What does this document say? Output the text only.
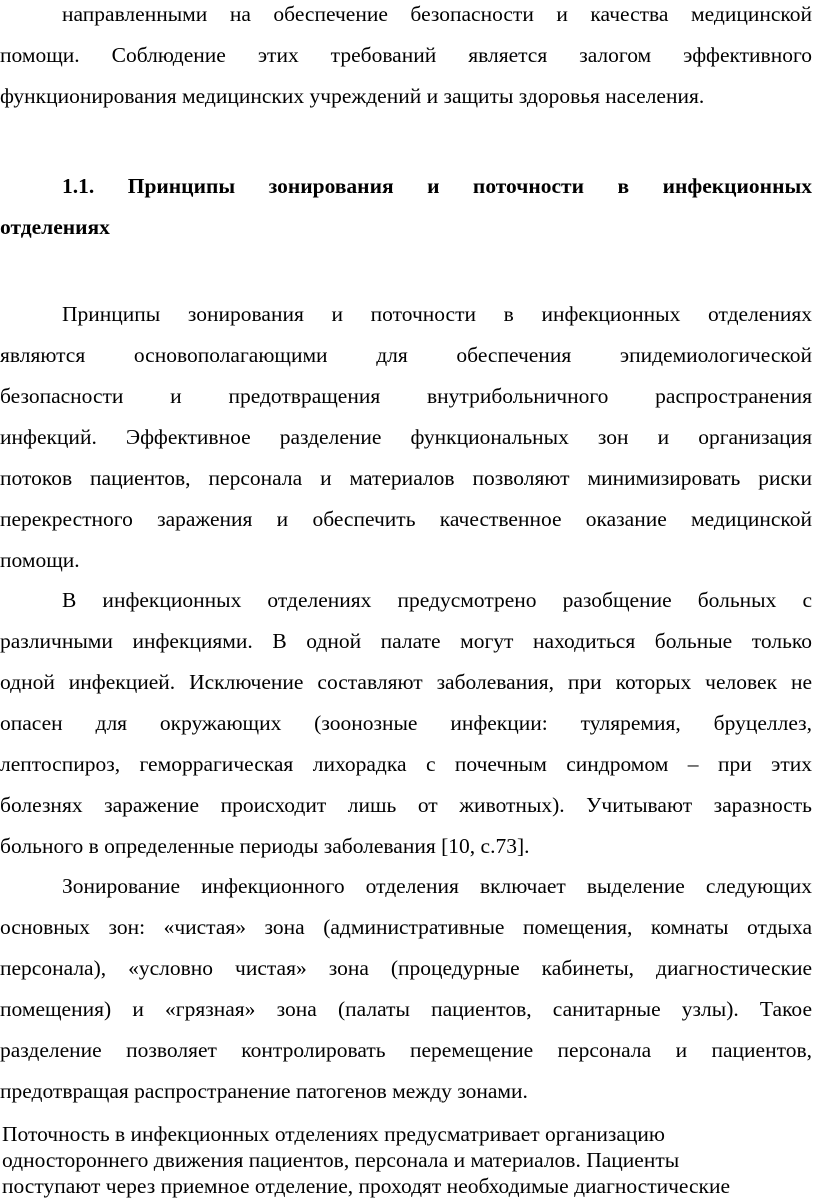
направленными на обеспечение безопасности и качества медицинской
помощи. Соблюдение этих требований является залогом эффективного
функционирования медицинских учреждений и защиты здоровья населения.
1.1. Принципы зонирования и поточности в инфекционных
отделениях
Принципы зонирования и поточности в инфекционных отделениях
являются основополагающими для обеспечения эпидемиологической
безопасности и предотвращения внутрибольничного распространения
инфекций. Эффективное разделение функциональных зон и организация
потоков пациентов, персонала и материалов позволяют минимизировать риски
перекрестного заражения и обеспечить качественное оказание медицинской
помощи.
В инфекционных отделениях предусмотрено разобщение больных с
различными инфекциями. В одной палате могут находиться больные только
одной инфекцией. Исключение составляют заболевания, при которых человек не
опасен для окружающих (зоонозные инфекции: туляремия, бруцеллез,
лептоспироз, геморрагическая лихорадка с почечным синдромом – при этих
болезнях заражение происходит лишь от животных). Учитывают заразность
больного в определенные периоды заболевания [10, с.73].
Зонирование инфекционного отделения включает выделение следующих
основных зон: «чистая» зона (административные помещения, комнаты отдыха
персонала), «условно чистая» зона (процедурные кабинеты, диагностические
помещения) и «грязная» зона (палаты пациентов, санитарные узлы). Такое
разделение позволяет контролировать перемещение персонала и пациентов,
предотвращая распространение патогенов между зонами.
Поточность в инфекционных отделениях предусматривает организацию
одностороннего движения пациентов, персонала и материалов. Пациенты
поступают через приемное отделение, проходят необходимые диагностические
